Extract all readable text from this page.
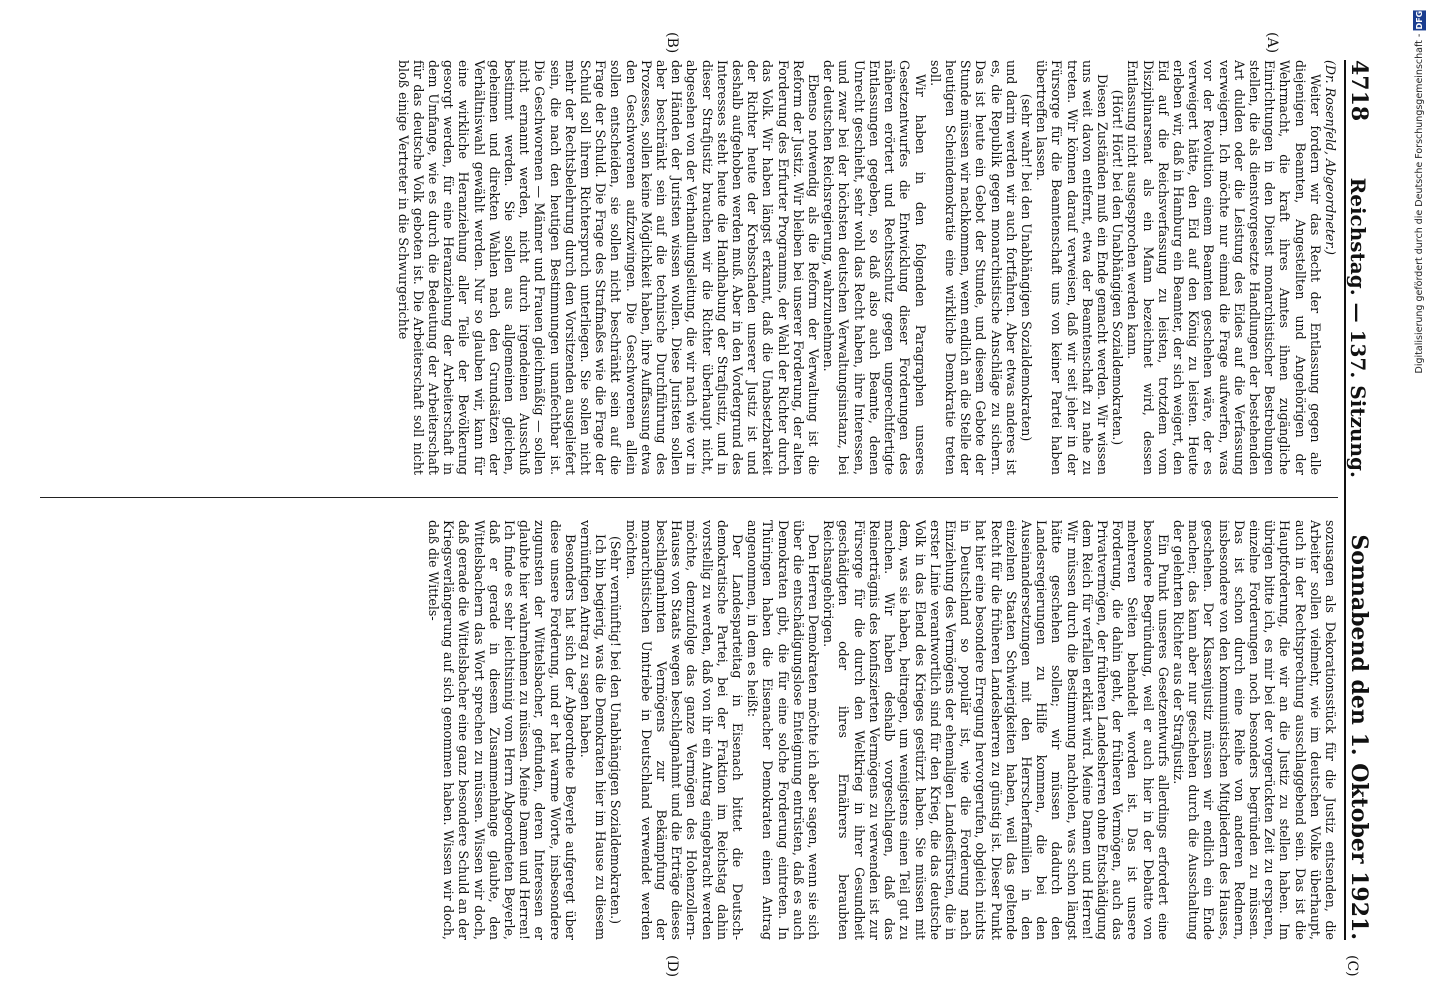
4718
Reichstag. — 137. Sitzung.
Sonnabend den 1. Oktober 1921.
(A)
(B)
(C)
(D)

(Dr. Rosenfeld, Abgeordneter.)

Weiter fordern wir das Recht der Entlassung gegen alle diejenigen Beamten, Angestellten und Angehörigen der Wehrmacht, die kraft ihres Amtes ihnen zugängliche Einrichtungen in den Dienst monarchistischer Bestrebungen stellen, die als dienstvorgesetzte Handlungen der bestehenden Art dulden oder die Leistung des Eides auf die Verfassung verweigern. Ich möchte nur einmal die Frage aufwerfen, was vor der Revolution einem Beamten geschehen wäre, der es verweigert hätte, den Eid auf den König zu leisten. Heute erleben wir, daß in Hamburg ein Beamter, der sich weigert, den Eid auf die Reichsverfassung zu leisten, trotzdem vom Disziplinarsenat als ein Mann bezeichnet wird, dessen Entlassung nicht ausgesprochen werden kann.

(Hört! Hört! bei den Unabhängigen Sozialdemokraten.)

Diesen Zuständen muß ein Ende gemacht werden. Wir wissen uns weit davon entfernt, etwa der Beamtenschaft zu nahe zu treten. Wir können darauf verweisen, daß wir seit jeher in der Fürsorge für die Beamtenschaft uns von keiner Partei haben übertreffen lassen.

(sehr wahr! bei den Unabhängigen Sozialdemokraten)

und darin werden wir auch fortfahren. Aber etwas anderes ist es, die Republik gegen monarchistische Anschläge zu sichern. Das ist heute ein Gebot der Stunde, und diesem Gebote der Stunde müssen wir nachkommen, wenn endlich an die Stelle der heutigen Scheindemokratie eine wirkliche Demokratie treten soll.

Wir haben in den folgenden Paragraphen unseres Gesetzentwurfes die Entwicklung dieser Forderungen des näheren erörtert und Rechtsschutz gegen ungerechtfertigte Entlassungen gegeben, so daß also auch Beamte, denen Unrecht geschieht, sehr wohl das Recht haben, ihre Interessen, und zwar bei der höchsten deutschen Verwaltungsinstanz, bei der deutschen Reichsregierung, wahrzunehmen.

Ebenso notwendig als die Reform der Verwaltung ist die Reform der Justiz. Wir bleiben bei unserer Forderung, der alten Forderung des Erfurter Programms, der Wahl der Richter durch das Volk. Wir haben längst erkannt, daß die Unabsetzbarkeit der Richter heute der Krebsschaden unserer Justiz ist und deshalb aufgehoben werden muß. Aber in den Vordergrund des Interesses steht heute die Handhabung der Strafjustiz, und in dieser Strafjustiz brauchen wir die Richter überhaupt nicht, abgesehen von der Verhandlungsleitung, die wir nach wie vor in den Händen der Juristen wissen wollen. Diese Juristen sollen aber beschränkt sein auf die technische Durchführung des Prozesses, sollen keine Möglichkeit haben, ihre Auffassung etwa den Geschworenen aufzuzwingen. Die Geschworenen allein sollen entscheiden, sie sollen nicht beschränkt sein auf die Frage der Schuld. Die Frage des Strafmaßes wie die Frage der Schuld soll ihrem Richterspruch unterliegen. Sie sollen nicht mehr der Rechtsbelehrung durch den Vorsitzenden ausgeliefert sein, die nach den heutigen Bestimmungen unanfechtbar ist. Die Geschworenen — Männer und Frauen gleichmäßig — sollen nicht ernannt werden, nicht durch irgendeinen Ausschuß bestimmt werden. Sie sollen aus allgemeinen gleichen, geheimen und direkten Wahlen nach den Grundsätzen der Verhältniswahl gewählt werden. Nur so glauben wir, kann für eine wirkliche Heranziehung aller Teile der Bevölkerung gesorgt werden, für eine Heranziehung der Arbeiterschaft in dem Umfange, wie es durch die Bedeutung der Arbeiterschaft für das deutsche Volk geboten ist. Die Arbeiterschaft soll nicht bloß einige Vertreter in die Schwurgerichte

sozusagen als Dekorationsstück für die Justiz entsenden, die Arbeiter sollen vielmehr, wie im deutschen Volke überhaupt, auch in der Rechtsprechung ausschlaggebend sein. Das ist die Hauptforderung, die wir an die Justiz zu stellen haben. Im übrigen bitte ich, es mir bei der vorgerückten Zeit zu ersparen, einzelne Forderungen noch besonders begründen zu müssen. Das ist schon durch eine Reihe von anderen Rednern, insbesondere von den kommunistischen Mitgliedern des Hauses, geschehen. Der Klassenjustiz müssen wir endlich ein Ende machen; das kann aber nur geschehen durch die Ausschaltung der gelehrten Richter aus der Strafjustiz.

Ein Punkt unseres Gesetzentwurfs allerdings erfordert eine besondere Begründung, weil er auch hier in der Debatte von mehreren Seiten behandelt worden ist. Das ist unsere Forderung, die dahin geht, der früheren Vermögen, auch das Privatvermögen, der früheren Landesherren ohne Entschädigung dem Reich für verfallen erklärt wird. Meine Damen und Herren! Wir müssen durch die Bestimmung nachholen, was schon längst hätte geschehen sollen; wir müssen dadurch den Landesregierungen zu Hilfe kommen, die bei den Auseinandersetzungen mit den Herrscherfamilien in den einzelnen Staaten Schwierigkeiten haben, weil das geltende Recht für die früheren Landesherren zu günstig ist. Dieser Punkt hat hier eine besondere Erregung hervorgerufen, obgleich nichts in Deutschland so populär ist, wie die Forderung nach Einziehung des Vermögens der ehemaligen Landesfürsten, die in erster Linie verantwortlich sind für den Krieg, die das deutsche Volk in das Elend des Krieges gestürzt haben. Sie müssen mit dem, was sie haben, beitragen, um wenigstens einen Teil gut zu machen. Wir haben deshalb vorgeschlagen, daß das Reinerträgnis des konfiszierten Vermögens zu verwenden ist zur Fürsorge für die durch den Weltkrieg in ihrer Gesundheit geschädigten oder ihres Ernährers beraubten Reichsangehörigen.

Den Herren Demokraten möchte ich aber sagen, wenn sie sich über die entschädigungslose Enteignung entrüsten, daß es auch Demokraten gibt, die für eine solche Forderung eintreten. In Thüringen haben die Eisenacher Demokraten einen Antrag angenommen, in dem es heißt:

Der Landesparteitag in Eisenach bittet die Deutsch-demokratische Partei, bei der Fraktion im Reichstag dahin vorstellig zu werden, daß von ihr ein Antrag eingebracht werden möchte, demzufolge das ganze Vermögen des Hohenzollern-Hauses von Staats wegen beschlagnahmt und die Erträge dieses beschlagnahmten Vermögens zur Bekämpfung der monarchistischen Umtriebe in Deutschland verwendet werden möchten.

(Sehr vernünftig! bei den Unabhängigen Sozialdemokraten.)

Ich bin begierig, was die Demokraten hier im Hause zu diesem vernünftigen Antrag zu sagen haben.

Besonders hat sich der Abgeordnete Beyerle aufgeregt über diese unsere Forderung, und er hat warme Worte, insbesondere zugunsten der Wittelsbacher, gefunden, deren Interessen er glaubte hier wahrnehmen zu müssen. Meine Damen und Herren! Ich finde es sehr leichtsinnig vom Herrn Abgeordneten Beyerle, daß er gerade in diesem Zusammenhange glaubte, den Wittelsbachern das Wort sprechen zu müssen. Wissen wir doch, daß gerade die Wittelsbacher eine ganz besondere Schuld an der Kriegsverlängerung auf sich genommen haben. Wissen wir doch, daß die Wittels-

Digitalisierung gefördert durch die Deutsche Forschungsgemeinschaft - DFG
